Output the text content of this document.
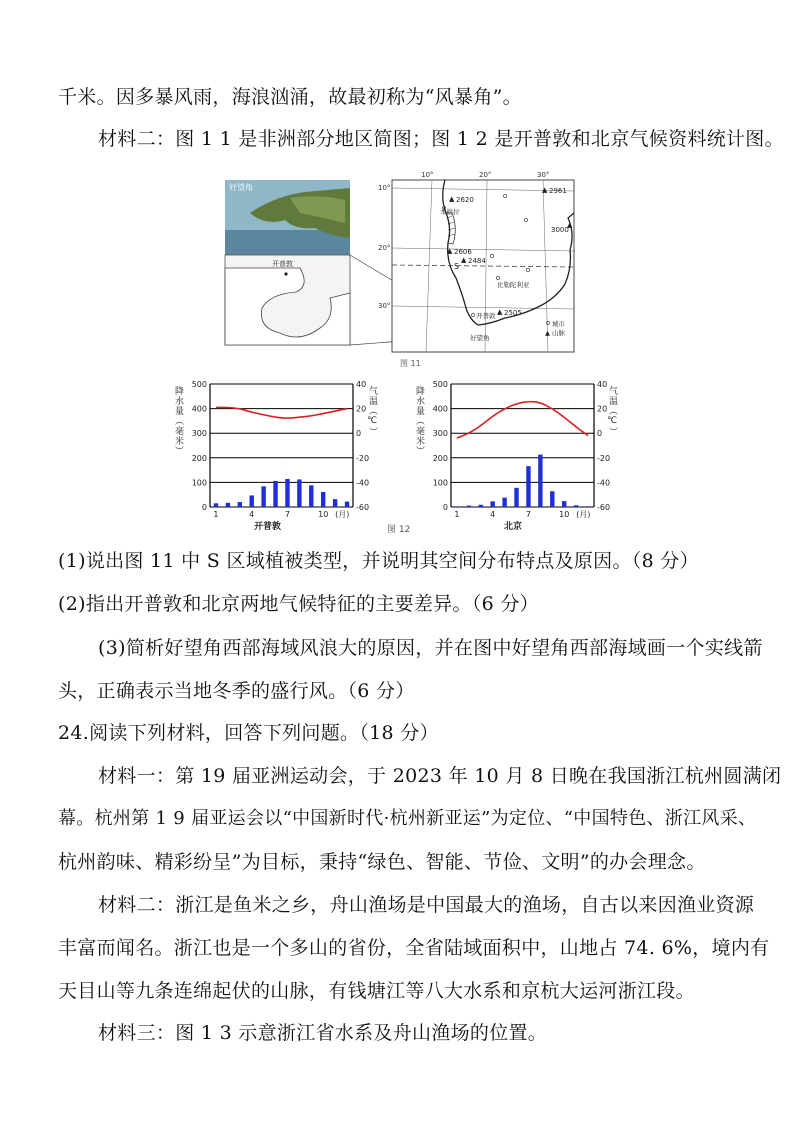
千米。因多暴风雨，海浪汹涌，故最初称为“风暴角”。
材料二：图 1 1 是非洲部分地区简图；图 1 2 是开普敦和北京气候资料统计图。
好望角
开普敦	S
10°	20°	30°
10°
20°
30°
▲ 2620
▲ 2961
▲
3000
▲ 2606
▲ 2484
▲ 2505
本格拉
比勒陀利亚
开普敦
好望角
城市
▲ 山脉
图 11
降水量（毫米）	气温（℃）
500
400
300
200
100
0
40
20
0
-20
-40
-60
1	4	7	10 (月)
开普敦
降水量（毫米）	气温（℃）
500
400
300
200
100
0
40
20
0
-20
-40
-60
1	4	7	10 (月)
北京
图 12
(1)说出图 11 中 S 区域植被类型，并说明其空间分布特点及原因。（8 分）
(2)指出开普敦和北京两地气候特征的主要差异。（6 分）
(3)简析好望角西部海域风浪大的原因，并在图中好望角西部海域画一个实线箭
头，正确表示当地冬季的盛行风。（6 分）
24.阅读下列材料，回答下列问题。（18 分）
材料一：第 19 届亚洲运动会，于 2023 年 10 月 8 日晚在我国浙江杭州圆满闭
幕。杭州第 1 9 届亚运会以“中国新时代·杭州新亚运”为定位、“中国特色、浙江风采、
杭州韵味、精彩纷呈”为目标，秉持“绿色、智能、节俭、文明”的办会理念。
材料二：浙江是鱼米之乡，舟山渔场是中国最大的渔场，自古以来因渔业资源
丰富而闻名。浙江也是一个多山的省份，全省陆域面积中，山地占 74. 6%，境内有
天目山等九条连绵起伏的山脉，有钱塘江等八大水系和京杭大运河浙江段。
材料三：图 1 3 示意浙江省水系及舟山渔场的位置。
